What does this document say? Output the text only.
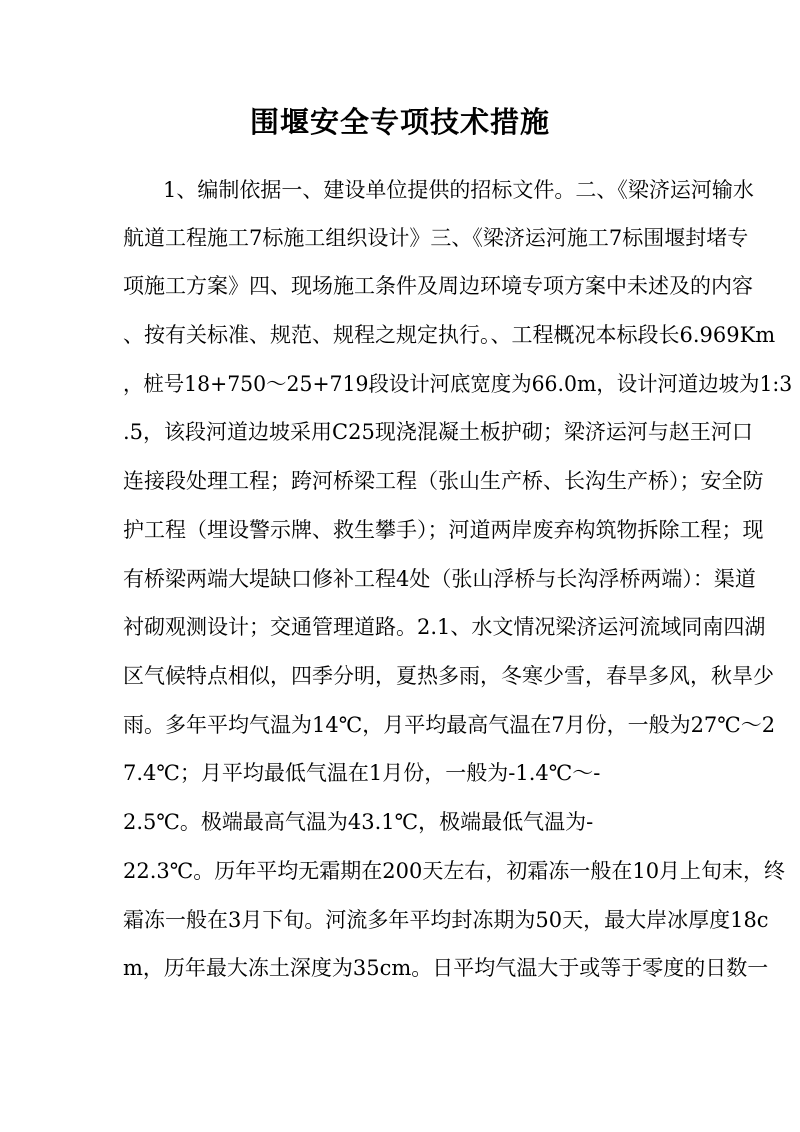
围堰安全专项技术措施
1、编制依据一、建设单位提供的招标文件。二、《梁济运河输水
航道工程施工7标施工组织设计》三、《梁济运河施工7标围堰封堵专
项施工方案》四、现场施工条件及周边环境专项方案中未述及的内容
、按有关标准、规范、规程之规定执行。、工程概况本标段长6.969Km
，桩号18+750～25+719段设计河底宽度为66.0m，设计河道边坡为1:3
.5，该段河道边坡采用C25现浇混凝土板护砌；梁济运河与赵王河口
连接段处理工程；跨河桥梁工程（张山生产桥、长沟生产桥）；安全防
护工程（埋设警示牌、救生攀手）；河道两岸废弃构筑物拆除工程；现
有桥梁两端大堤缺口修补工程4处（张山浮桥与长沟浮桥两端）：渠道
衬砌观测设计；交通管理道路。2.1、水文情况梁济运河流域同南四湖
区气候特点相似，四季分明，夏热多雨，冬寒少雪，春旱多风，秋旱少
雨。多年平均气温为14℃，月平均最高气温在7月份，一般为27℃～2
7.4℃；月平均最低气温在1月份，一般为-1.4℃～-
2.5℃。极端最高气温为43.1℃，极端最低气温为-
22.3℃。历年平均无霜期在200天左右，初霜冻一般在10月上旬末，终
霜冻一般在3月下旬。河流多年平均封冻期为50天，最大岸冰厚度18c
m，历年最大冻土深度为35cm。日平均气温大于或等于零度的日数一
